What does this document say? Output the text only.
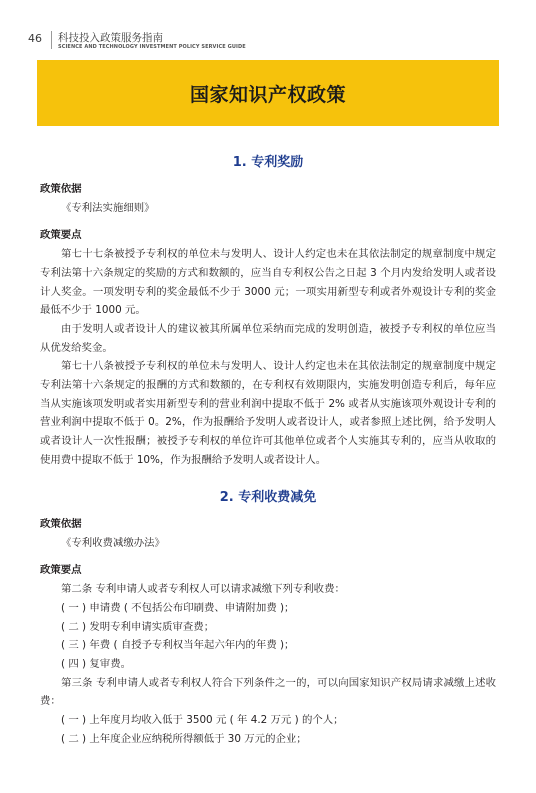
46 科技投入政策服务指南
SCIENCE AND TECHNOLOGY INVESTMENT POLICY SERVICE GUIDE
国家知识产权政策
1. 专利奖励
政策依据
《专利法实施细则》
政策要点

第七十七条被授予专利权的单位未与发明人、设计人约定也未在其依法制定的规章制度中规定专利法第十六条规定的奖励的方式和数额的，应当自专利权公告之日起 3 个月内发给发明人或者设计人奖金。一项发明专利的奖金最低不少于 3000 元；一项实用新型专利或者外观设计专利的奖金最低不少于 1000 元。

由于发明人或者设计人的建议被其所属单位采纳而完成的发明创造，被授予专利权的单位应当从优发给奖金。

第七十八条被授予专利权的单位未与发明人、设计人约定也未在其依法制定的规章制度中规定专利法第十六条规定的报酬的方式和数额的，在专利权有效期限内，实施发明创造专利后，每年应当从实施该项发明或者实用新型专利的营业利润中提取不低于 2% 或者从实施该项外观设计专利的营业利润中提取不低于 0。2%，作为报酬给予发明人或者设计人，或者参照上述比例，给予发明人或者设计人一次性报酬；被授予专利权的单位许可其他单位或者个人实施其专利的，应当从收取的使用费中提取不低于 10%，作为报酬给予发明人或者设计人。

2. 专利收费减免
政策依据
《专利收费减缴办法》
政策要点

第二条 专利申请人或者专利权人可以请求减缴下列专利收费：

( 一 ) 申请费 ( 不包括公布印刷费、申请附加费 )；
( 二 ) 发明专利申请实质审查费；
( 三 ) 年费 ( 自授予专利权当年起六年内的年费 )；
( 四 ) 复审费。

第三条 专利申请人或者专利权人符合下列条件之一的，可以向国家知识产权局请求减缴上述收费：

( 一 ) 上年度月均收入低于 3500 元 ( 年 4.2 万元 ) 的个人；
( 二 ) 上年度企业应纳税所得额低于 30 万元的企业；
